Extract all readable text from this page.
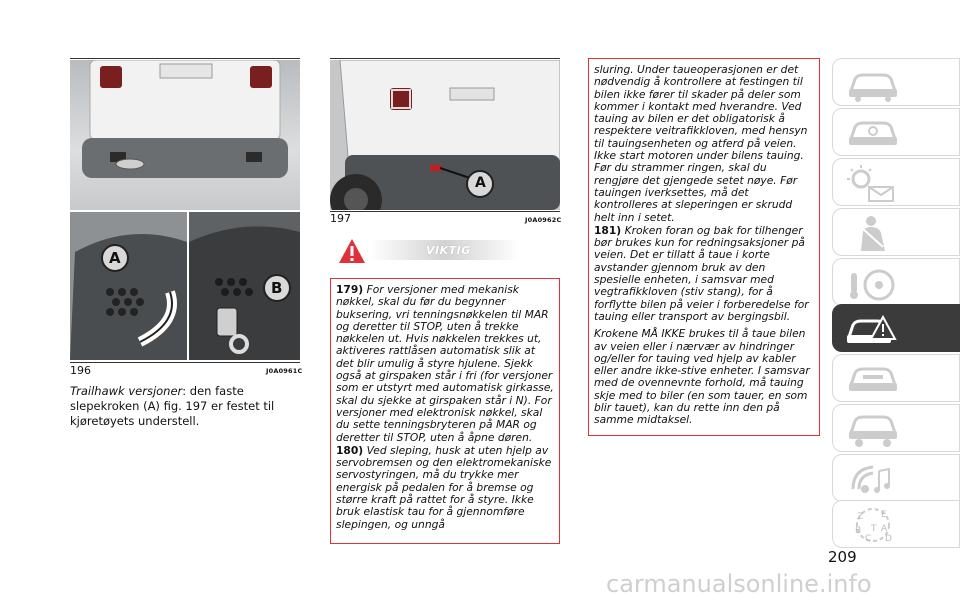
A
B
196	J0A0961C
Trailhawk versjoner: den faste slepekroken (A) fig. 197 er festet til kjøretøyets understell.
A
197	J0A0962C
VIKTIG

179) For versjoner med mekanisk nøkkel, skal du før du begynner buksering, vri tenningsnøkkelen til MAR og deretter til STOP, uten å trekke nøkkelen ut. Hvis nøkkelen trekkes ut, aktiveres rattlåsen automatisk slik at det blir umulig å styre hjulene. Sjekk også at girspaken står i fri (for versjoner som er utstyrt med automatisk girkasse, skal du sjekke at girspaken står i N). For versjoner med elektronisk nøkkel, skal du sette tenningsbryteren på MAR og deretter til STOP, uten å åpne døren.

180) Ved sleping, husk at uten hjelp av servobremsen og den elektromekaniske servostyringen, må du trykke mer energisk på pedalen for å bremse og større kraft på rattet for å styre. Ikke bruk elastisk tau for å gjennomføre slepingen, og unngå

sluring. Under taueoperasjonen er det nødvendig å kontrollere at festingen til bilen ikke fører til skader på deler som kommer i kontakt med hverandre. Ved tauing av bilen er det obligatorisk å respektere veitrafikkloven, med hensyn til tauingsenheten og atferd på veien. Ikke start motoren under bilens tauing. Før du strammer ringen, skal du rengjøre det gjengede setet nøye. Før tauingen iverksettes, må det kontrolleres at sleperingen er skrudd helt inn i setet.

181) Kroken foran og bak for tilhenger bør brukes kun for redningsaksjoner på veien. Det er tillatt å taue i korte avstander gjennom bruk av den spesielle enheten, i samsvar med vegtrafikkloven (stiv stang), for å forflytte bilen på veier i forberedelse for tauing eller transport av bergingsbil.

Krokene MÅ IKKE brukes til å taue bilen av veien eller i nærvær av hindringer og/eller for tauing ved hjelp av kabler eller andre ikke-stive enheter. I samsvar med de ovennevnte forhold, må tauing skje med to biler (en som tauer, en som blir tauet), kan du rette inn den på samme midtaksel.

Z E
B A
C D
T
209
carmanualsonline.info
